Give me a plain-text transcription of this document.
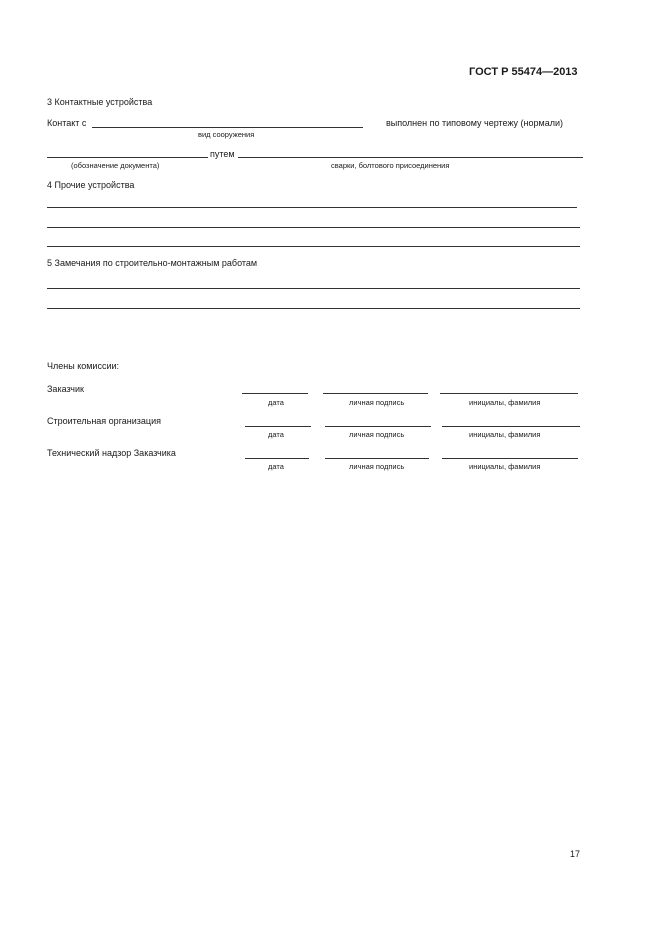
ГОСТ Р 55474—2013
3 Контактные устройства
Контакт с	выполнен по типовому чертежу (нормали)
вид сооружения
путем
(обозначение документа)	сварки, болтового присоединения
4 Прочие устройства
5 Замечания по строительно-монтажным работам
Члены комиссии:
Заказчик
дата	личная подпись	инициалы, фамилия
Строительная организация
дата	личная подпись	инициалы, фамилия
Технический надзор Заказчика
дата	личная подпись	инициалы, фамилия
17
